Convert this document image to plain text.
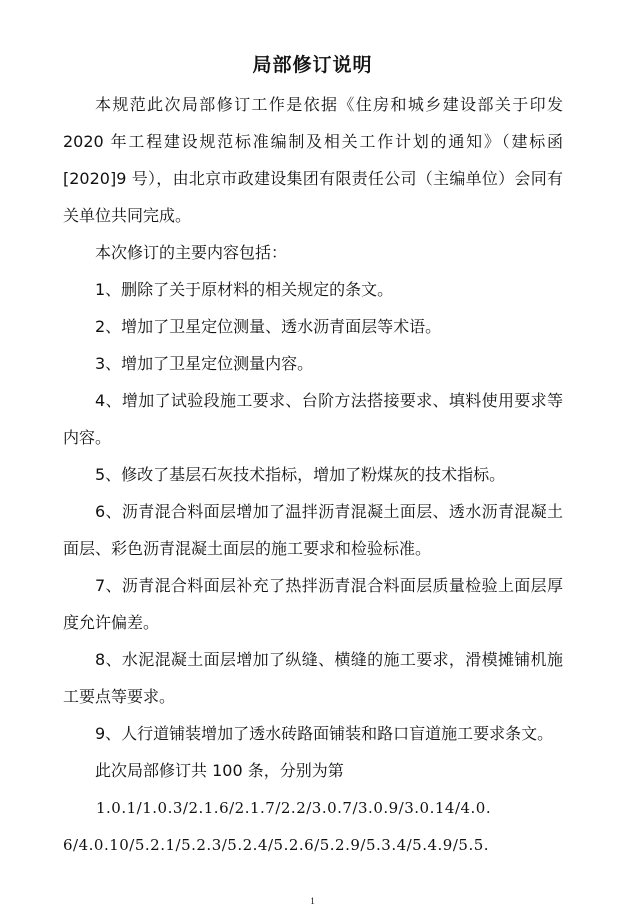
局部修订说明

本规范此次局部修订工作是依据《住房和城乡建设部关于印发 2020 年工程建设规范标准编制及相关工作计划的通知》（建标函[2020]9 号），由北京市政建设集团有限责任公司（主编单位）会同有关单位共同完成。

本次修订的主要内容包括：

1、删除了关于原材料的相关规定的条文。

2、增加了卫星定位测量、透水沥青面层等术语。

3、增加了卫星定位测量内容。

4、增加了试验段施工要求、台阶方法搭接要求、填料使用要求等内容。

5、修改了基层石灰技术指标，增加了粉煤灰的技术指标。

6、沥青混合料面层增加了温拌沥青混凝土面层、透水沥青混凝土面层、彩色沥青混凝土面层的施工要求和检验标准。

7、沥青混合料面层补充了热拌沥青混合料面层质量检验上面层厚度允许偏差。

8、水泥混凝土面层增加了纵缝、横缝的施工要求，滑模摊铺机施工要点等要求。

9、人行道铺装增加了透水砖路面铺装和路口盲道施工要求条文。

此次局部修订共 100 条，分别为第

1.0.1/1.0.3/2.1.6/2.1.7/2.2/3.0.7/3.0.9/3.0.14/4.0.
6/4.0.10/5.2.1/5.2.3/5.2.4/5.2.6/5.2.9/5.3.4/5.4.9/5.5.
1
